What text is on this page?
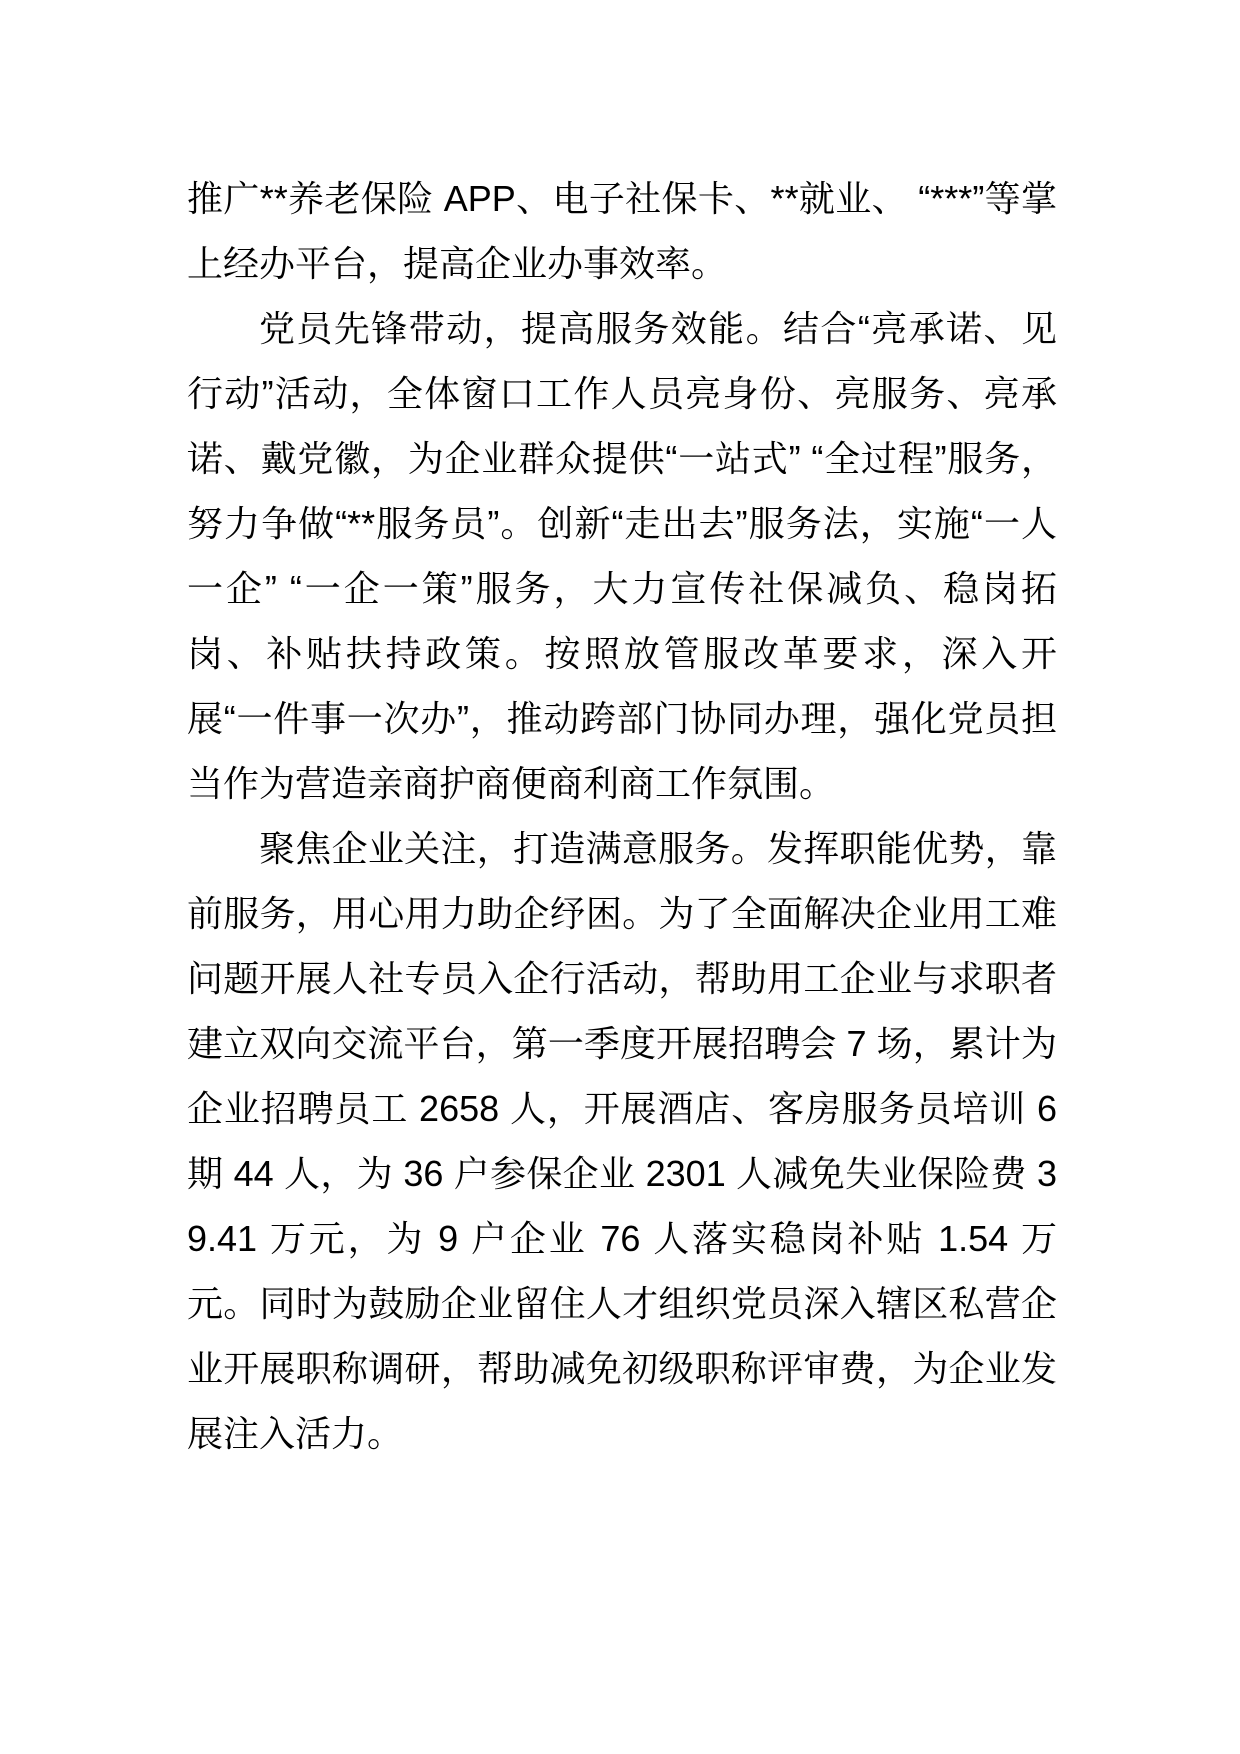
推广**养老保险 APP、电子社保卡、**就业、 “***”等掌上经办平台，提高企业办事效率。

党员先锋带动，提高服务效能。结合“亮承诺、见行动”活动，全体窗口工作人员亮身份、亮服务、亮承诺、戴党徽，为企业群众提供“一站式” “全过程”服务，努力争做“**服务员”。创新“走出去”服务法，实施“一人一企” “一企一策”服务，大力宣传社保减负、稳岗拓岗、补贴扶持政策。按照放管服改革要求，深入开展“一件事一次办”，推动跨部门协同办理，强化党员担当作为营造亲商护商便商利商工作氛围。

聚焦企业关注，打造满意服务。发挥职能优势，靠前服务，用心用力助企纾困。为了全面解决企业用工难问题开展人社专员入企行活动，帮助用工企业与求职者建立双向交流平台，第一季度开展招聘会 7 场，累计为企业招聘员工 2658 人，开展酒店、客房服务员培训 6 期 44 人，为 36 户参保企业 2301 人减免失业保险费 39.41 万元，为 9 户企业 76 人落实稳岗补贴 1.54 万元。同时为鼓励企业留住人才组织党员深入辖区私营企业开展职称调研，帮助减免初级职称评审费，为企业发展注入活力。
